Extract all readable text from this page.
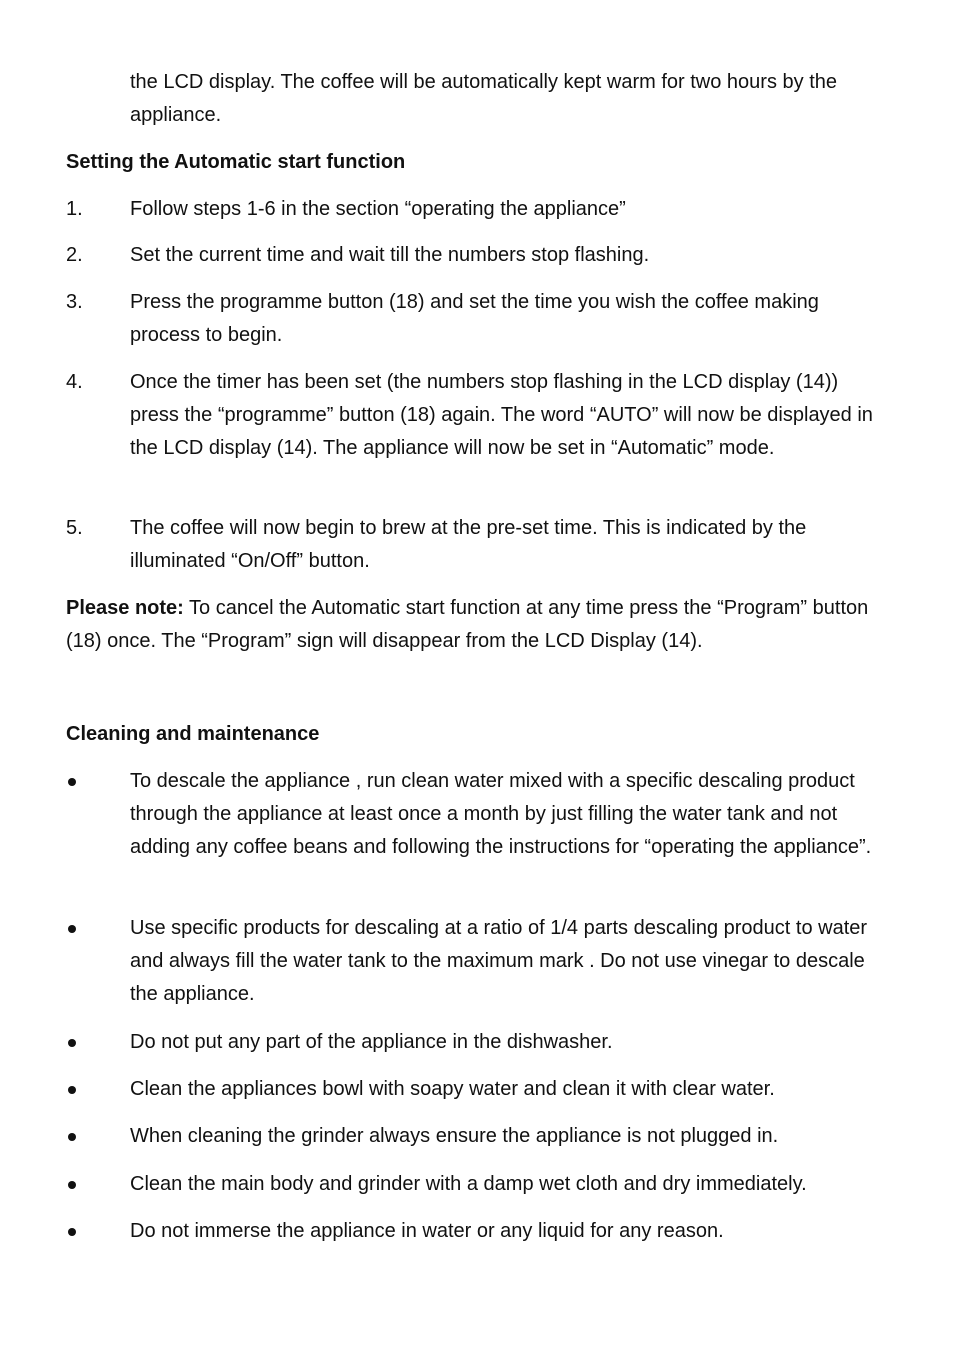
the LCD display. The coffee will be automatically kept warm for two hours by the appliance.
Setting the Automatic start function
1.	Follow steps 1-6 in the section “operating the appliance”
2.	Set the current time and wait till the numbers stop flashing.
3.	Press the programme button (18) and set the time you wish the coffee making process to begin.
4.	Once the timer has been set (the numbers stop flashing in the LCD display (14)) press the “programme” button (18) again. The word “AUTO” will now be displayed in the LCD display (14). The appliance will now be set in “Automatic” mode.
5.	The coffee will now begin to brew at the pre-set time. This is indicated by the illuminated “On/Off” button.
Please note: To cancel the Automatic start function at any time press the “Program” button (18) once. The “Program” sign will disappear from the LCD Display (14).
Cleaning and maintenance
To descale the appliance , run clean water mixed with a specific descaling product through the appliance at least once a month by just filling the water tank and not adding any coffee beans and following the instructions for “operating the appliance”.
Use specific products for descaling at a ratio of 1/4 parts descaling product to water and always fill the water tank to the maximum mark . Do not use vinegar to descale the appliance.
Do not put any part of the appliance in the dishwasher.
Clean the appliances bowl with soapy water and clean it with clear water.
When cleaning the grinder always ensure the appliance is not plugged in.
Clean the main body and grinder with a damp wet cloth and dry immediately.
Do not immerse the appliance in water or any liquid for any reason.
